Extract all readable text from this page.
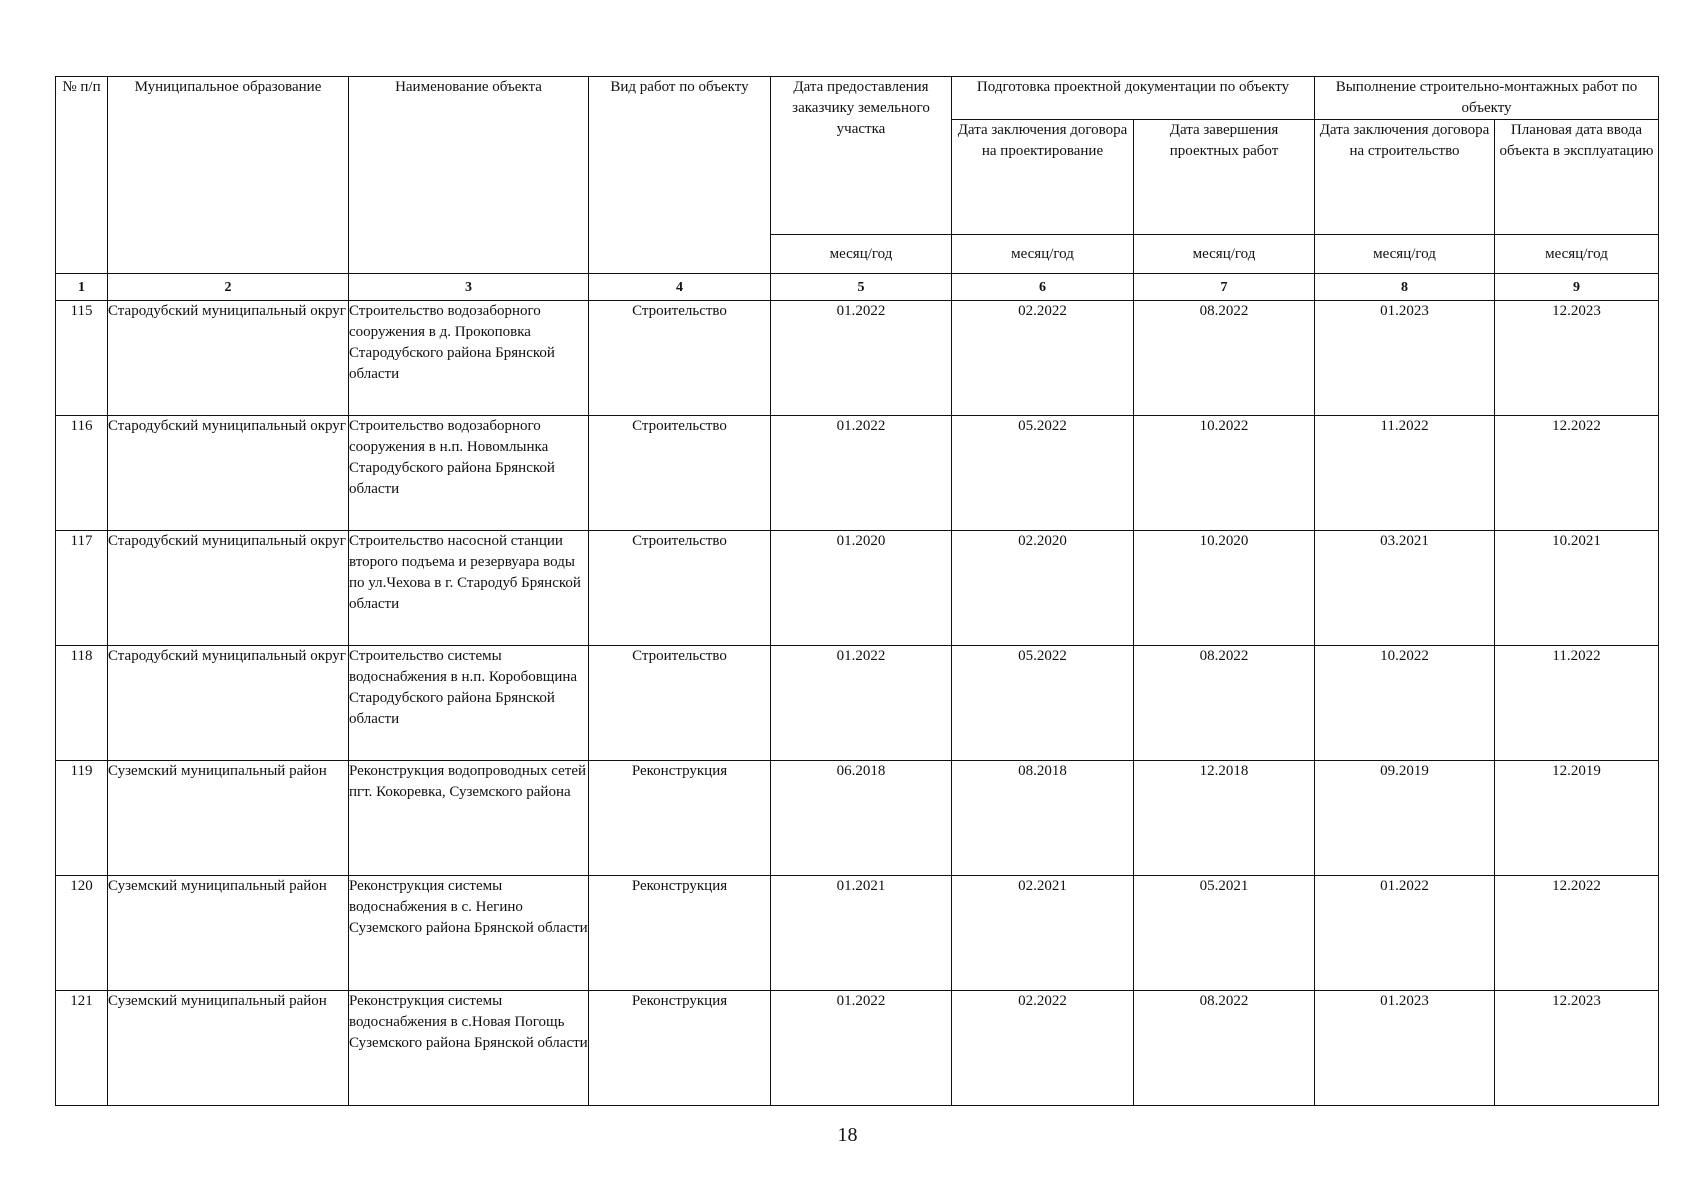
№ п/п	Муниципальное образование	Наименование объекта	Вид работ по объекту	Дата предоставления заказчику земельного участка	Подготовка проектной документации по объекту		Выполнение строительно-монтажных работ по объекту	
					Дата заключения договора на проектирование	Дата завершения проектных работ	Дата заключения договора на строительство	Плановая дата ввода объекта в эксплуатацию
				месяц/год	месяц/год	месяц/год	месяц/год	месяц/год
1	2	3	4	5	6	7	8	9
115	Стародубский муниципальный округ	Строительство водозаборного сооружения в д. Прокоповка Стародубского района Брянской области	Строительство	01.2022	02.2022	08.2022	01.2023	12.2023
116	Стародубский муниципальный округ	Строительство водозаборного сооружения в н.п. Новомлынка Стародубского района Брянской области	Строительство	01.2022	05.2022	10.2022	11.2022	12.2022
117	Стародубский муниципальный округ	Строительство насосной станции второго подъема и резервуара воды по ул.Чехова в г. Стародуб Брянской области	Строительство	01.2020	02.2020	10.2020	03.2021	10.2021
118	Стародубский муниципальный округ	Строительство системы водоснабжения в н.п. Коробовщина Стародубского района Брянской области	Строительство	01.2022	05.2022	08.2022	10.2022	11.2022
119	Суземский муниципальный район	Реконструкция водопроводных сетей пгт. Кокоревка, Суземского района	Реконструкция	06.2018	08.2018	12.2018	09.2019	12.2019
120	Суземский муниципальный район	Реконструкция системы водоснабжения в с. Негино Суземского района Брянской области	Реконструкция	01.2021	02.2021	05.2021	01.2022	12.2022
121	Суземский муниципальный район	Реконструкция системы водоснабжения в с.Новая Погощь Суземского района Брянской области	Реконструкция	01.2022	02.2022	08.2022	01.2023	12.2023
18
